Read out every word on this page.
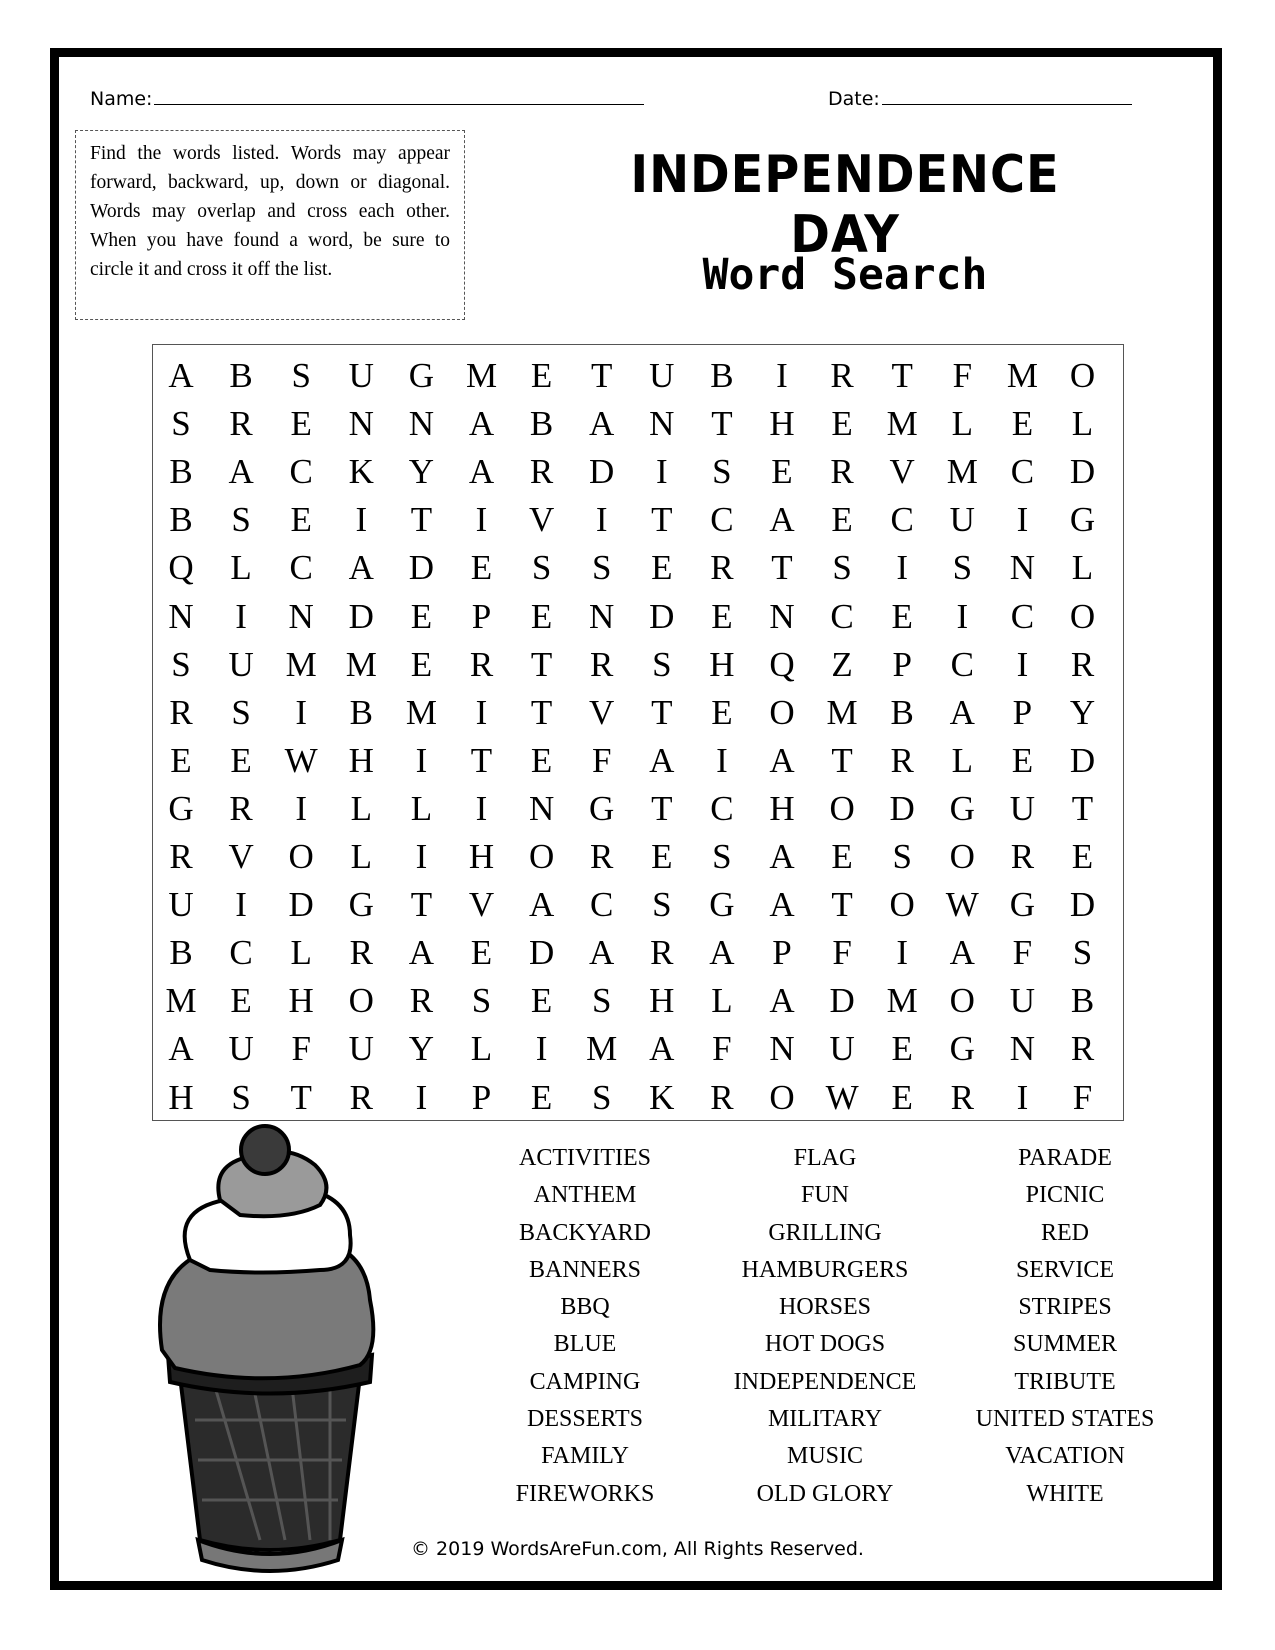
Name:	Date:
Find the words listed. Words may appear forward, backward, up, down or diagonal. Words may overlap and cross each other. When you have found a word, be sure to circle it and cross it off the list.
INDEPENDENCE DAY
Word Search
A	B	S	U G M E	T	U	B	I	R	T	F M O
S	R	E	N N A	B	A N	T	H	E M L	E	L
B	A	C	K Y A	R	D	I	S	E	R	V M C	D
B	S	E	I	T	I	V	I	T	C	A	E	C	U	I	G
Q	L	C	A D	E	S	S	E	R	T	S	I	S	N	L
N	I	N D	E	P	E	N D	E	N	C	E	I	C	O
S	U M M E	R	T	R	S	H Q	Z	P	C	I	R
R	S	I	B M	I	T	V	T	E	O M B	A	P	Y
E	E W H	I	T	E	F	A	I	A	T	R	L	E	D
G	R	I	L	L	I	N G	T	C	H O D G U	T
R	V O	L	I	H O	R	E	S	A	E	S	O	R	E
U	I	D G	T	V A	C	S	G A	T	O W G D
B	C	L	R	A	E	D A	R	A	P	F	I	A	F	S
M E	H O	R	S	E	S	H	L	A D M O U	B
A U	F	U Y	L	I	M A	F	N U	E	G N	R
H	S	T	R	I	P	E	S	K	R	O W E	R	I	F
ACTIVITIES
ANTHEM
BACKYARD
BANNERS
BBQ
BLUE
CAMPING
DESSERTS
FAMILY
FIREWORKS
FLAG
FUN
GRILLING
HAMBURGERS
HORSES
HOT DOGS
INDEPENDENCE
MILITARY
MUSIC
OLD GLORY
PARADE
PICNIC
RED
SERVICE
STRIPES
SUMMER
TRIBUTE
UNITED STATES
VACATION
WHITE
© 2019 WordsAreFun.com, All Rights Reserved.
